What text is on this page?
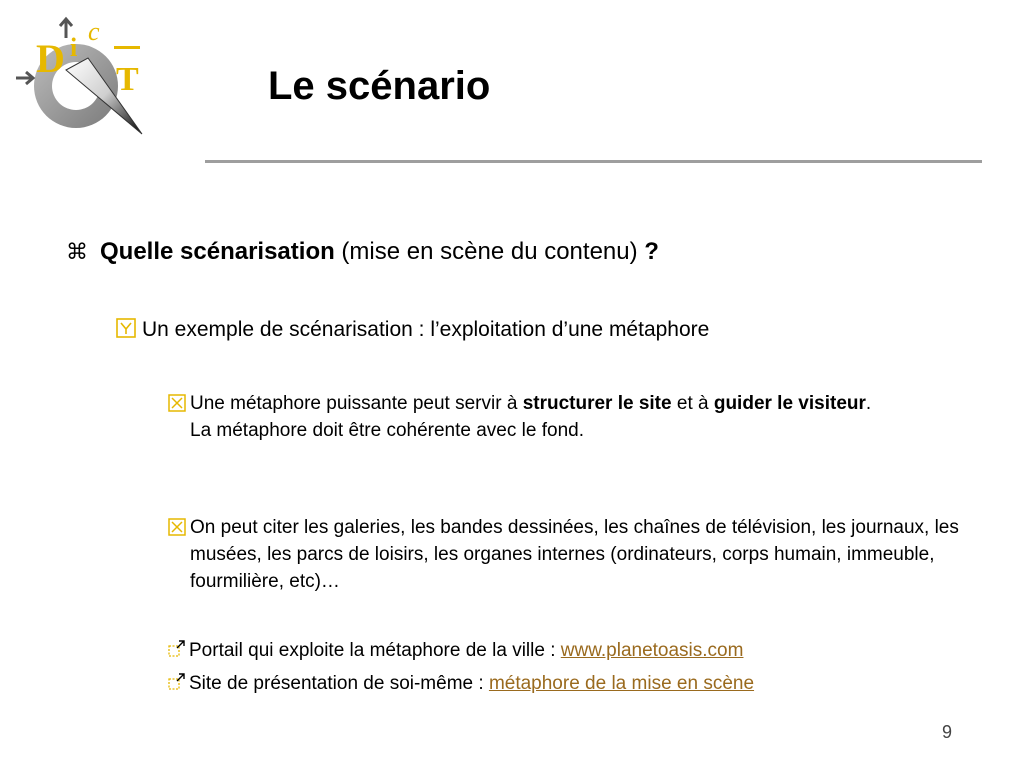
D i
c
T	Le scénario
⌘ Quelle scénarisation (mise en scène du contenu) ?
Un exemple de scénarisation : l’exploitation d’une métaphore
Une métaphore puissante peut servir à structurer le site et à guider le visiteur.
La métaphore doit être cohérente avec le fond.
On peut citer les galeries, les bandes dessinées, les chaînes de télévision, les journaux, les musées, les parcs de loisirs, les organes internes (ordinateurs, corps humain, immeuble, fourmilière, etc)…
Portail qui exploite la métaphore de la ville : www.planetoasis.com
Site de présentation de soi-même : métaphore de la mise en scène
9
